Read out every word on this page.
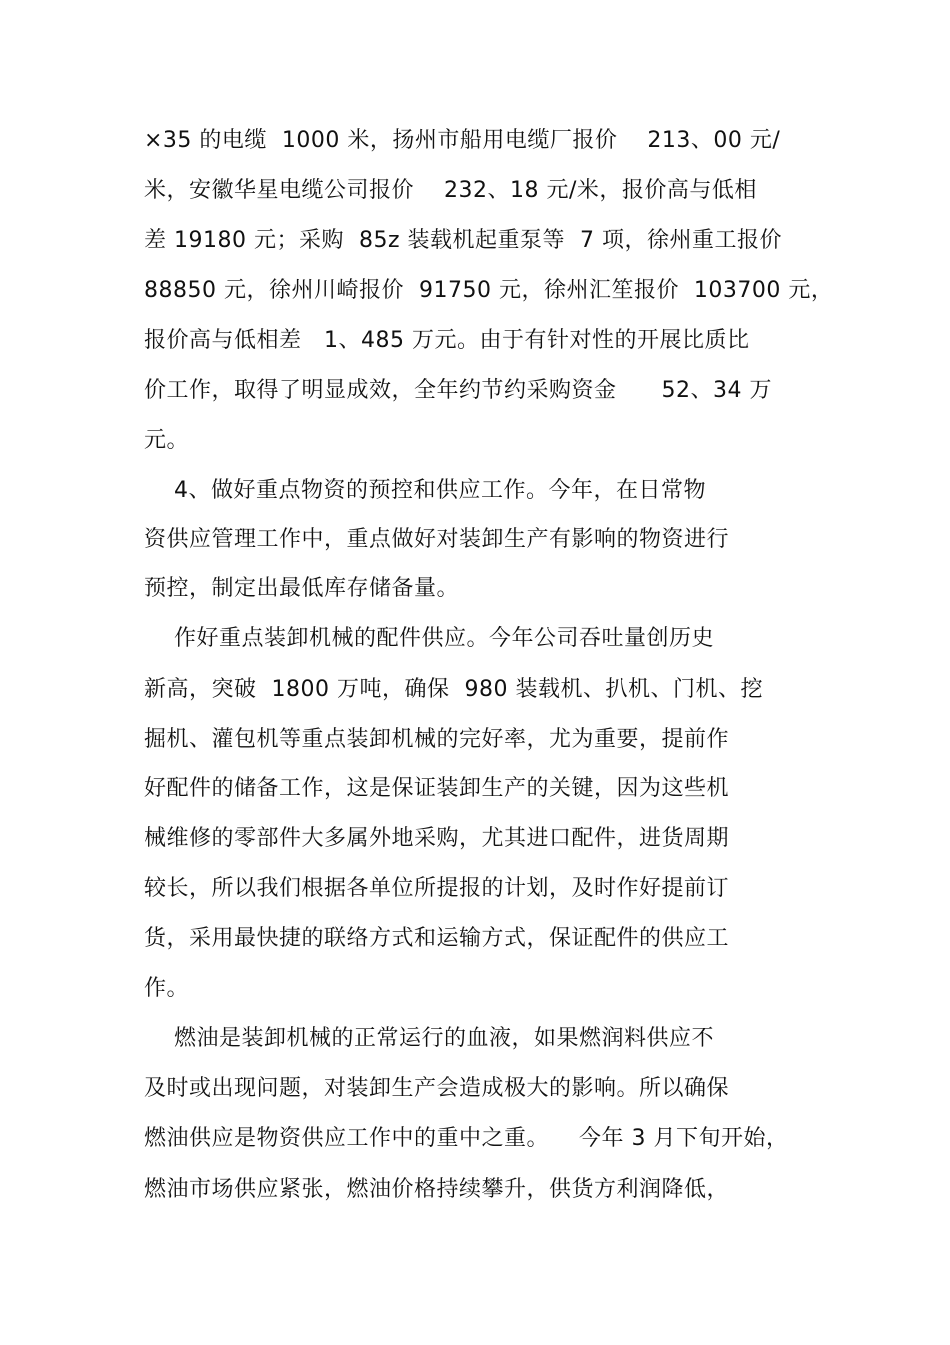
×35 的电缆  1000 米，扬州市船用电缆厂报价    213、00 元/
米，安徽华星电缆公司报价    232、18 元/米，报价高与低相
差 19180 元；采购  85z 装载机起重泵等  7 项，徐州重工报价
88850 元，徐州川崎报价  91750 元，徐州汇笙报价  103700 元，
报价高与低相差   1、485 万元。由于有针对性的开展比质比
价工作，取得了明显成效，全年约节约采购资金      52、34 万
元。
4、做好重点物资的预控和供应工作。今年，在日常物
资供应管理工作中，重点做好对装卸生产有影响的物资进行
预控，制定出最低库存储备量。
作好重点装卸机械的配件供应。今年公司吞吐量创历史
新高，突破  1800 万吨，确保  980 装载机、扒机、门机、挖
掘机、灌包机等重点装卸机械的完好率，尤为重要，提前作
好配件的储备工作，这是保证装卸生产的关键，因为这些机
械维修的零部件大多属外地采购，尤其进口配件，进货周期
较长，所以我们根据各单位所提报的计划，及时作好提前订
货，采用最快捷的联络方式和运输方式，保证配件的供应工
作。
燃油是装卸机械的正常运行的血液，如果燃润料供应不
及时或出现问题，对装卸生产会造成极大的影响。所以确保
燃油供应是物资供应工作中的重中之重。    今年 3 月下旬开始，
燃油市场供应紧张，燃油价格持续攀升，供货方利润降低，
